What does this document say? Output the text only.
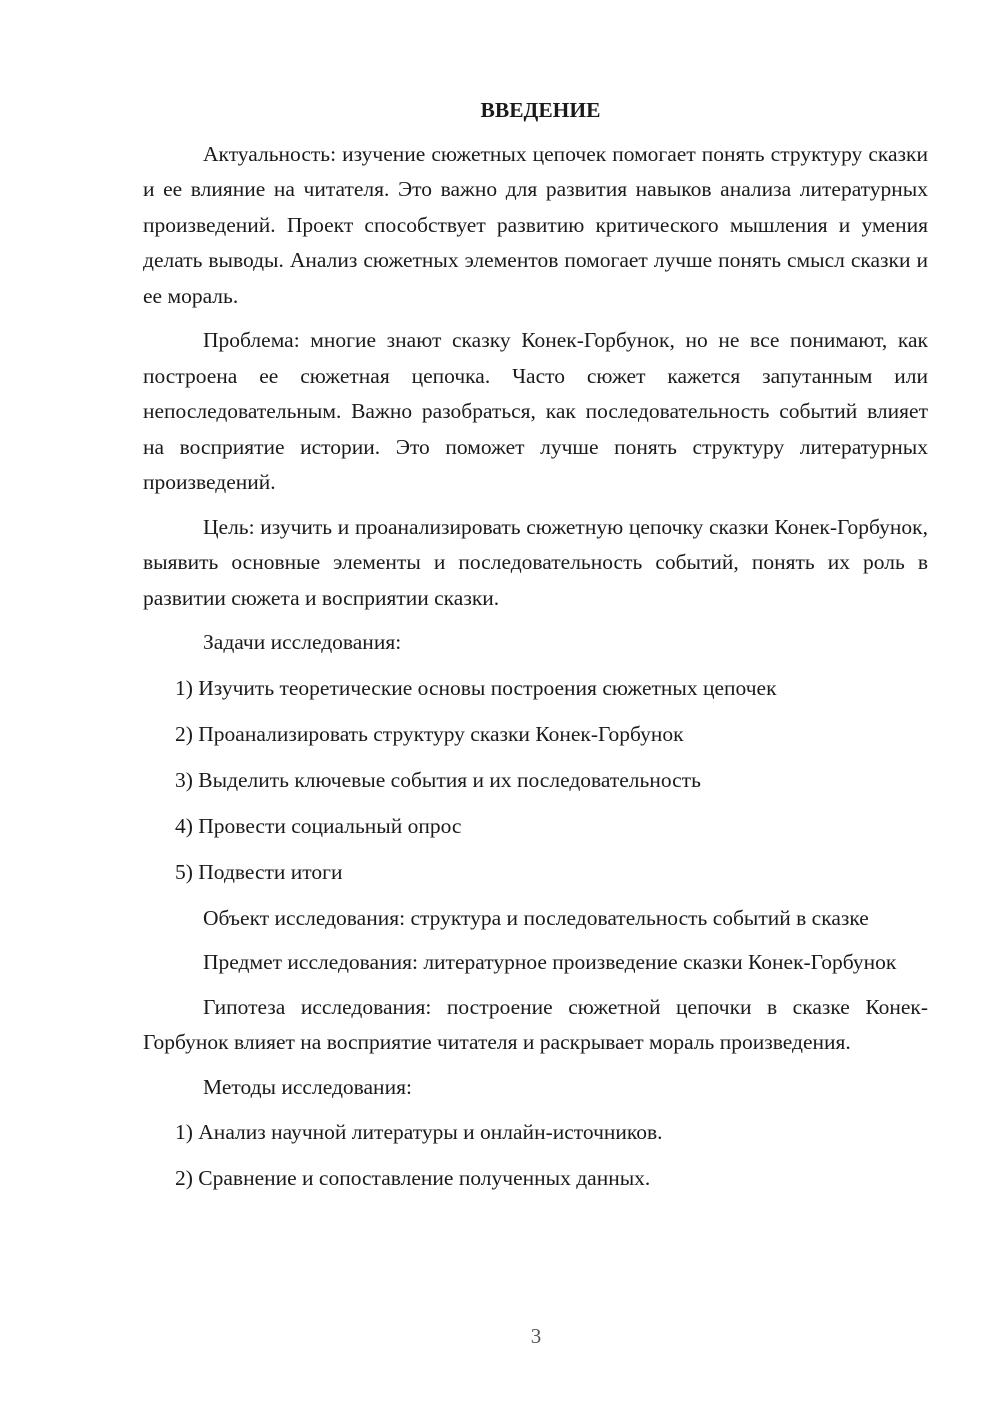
ВВЕДЕНИЕ

Актуальность: изучение сюжетных цепочек помогает понять структуру сказки и ее влияние на читателя. Это важно для развития навыков анализа литературных произведений. Проект способствует развитию критического мышления и умения делать выводы. Анализ сюжетных элементов помогает лучше понять смысл сказки и ее мораль.

Проблема: многие знают сказку Конек-Горбунок, но не все понимают, как построена ее сюжетная цепочка. Часто сюжет кажется запутанным или непоследовательным. Важно разобраться, как последовательность событий влияет на восприятие истории. Это поможет лучше понять структуру литературных произведений.

Цель: изучить и проанализировать сюжетную цепочку сказки Конек-Горбунок, выявить основные элементы и последовательность событий, понять их роль в развитии сюжета и восприятии сказки.

Задачи исследования:

1) Изучить теоретические основы построения сюжетных цепочек

2) Проанализировать структуру сказки Конек-Горбунок

3) Выделить ключевые события и их последовательность

4) Провести социальный опрос

5) Подвести итоги

Объект исследования: структура и последовательность событий в сказке

Предмет исследования: литературное произведение сказки Конек-Горбунок

Гипотеза исследования: построение сюжетной цепочки в сказке Конек-Горбунок влияет на восприятие читателя и раскрывает мораль произведения.

Методы исследования:

1) Анализ научной литературы и онлайн-источников.

2) Сравнение и сопоставление полученных данных.

3
